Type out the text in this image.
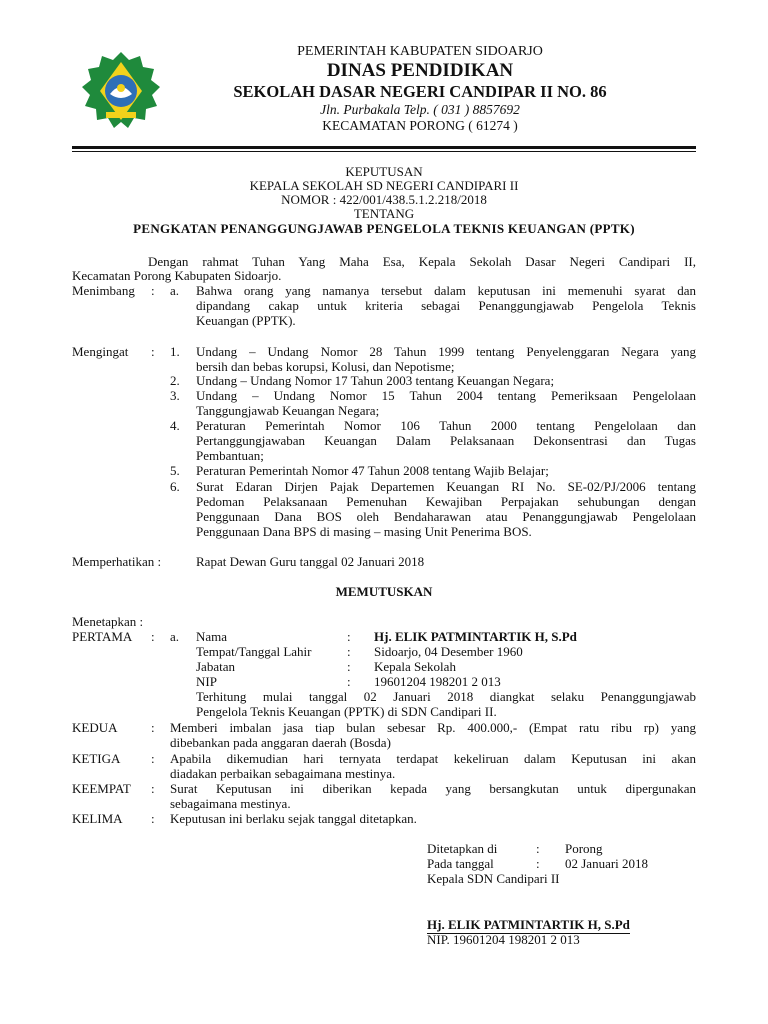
PEMERINTAH KABUPATEN SIDOARJO
DINAS PENDIDIKAN
SEKOLAH DASAR NEGERI CANDIPAR II NO. 86
Jln. Purbakala Telp. ( 031 ) 8857692
KECAMATAN PORONG ( 61274 )
KEPUTUSAN
KEPALA SEKOLAH SD NEGERI CANDIPARI II
NOMOR : 422/001/438.5.1.2.218/2018
TENTANG
PENGKATAN PENANGGUNGJAWAB PENGELOLA TEKNIS KEUANGAN (PPTK)
Dengan rahmat Tuhan Yang Maha Esa, Kepala Sekolah Dasar Negeri Candipari II,
Kecamatan Porong Kabupaten Sidoarjo.
Menimbang : a. Bahwa orang yang namanya tersebut dalam keputusan ini memenuhi syarat dan
dipandang cakap untuk kriteria sebagai Penanggungjawab Pengelola Teknis
Keuangan (PPTK).
Mengingat : 1. Undang – Undang Nomor 28 Tahun 1999 tentang Penyelenggaran Negara yang
bersih dan bebas korupsi, Kolusi, dan Nepotisme;
2. Undang – Undang Nomor 17 Tahun 2003 tentang Keuangan Negara;
3. Undang – Undang Nomor 15 Tahun 2004 tentang Pemeriksaan Pengelolaan
Tanggungjawab Keuangan Negara;
4. Peraturan Pemerintah Nomor 106 Tahun 2000 tentang Pengelolaan dan
Pertanggungjawaban Keuangan Dalam Pelaksanaan Dekonsentrasi dan Tugas
Pembantuan;
5. Peraturan Pemerintah Nomor 47 Tahun 2008 tentang Wajib Belajar;
6. Surat Edaran Dirjen Pajak Departemen Keuangan RI No. SE-02/PJ/2006 tentang
Pedoman Pelaksanaan Pemenuhan Kewajiban Perpajakan sehubungan dengan
Penggunaan Dana BOS oleh Bendaharawan atau Penanggungjawab Pengelolaan
Penggunaan Dana BPS di masing – masing Unit Penerima BOS.
Memperhatikan :	Rapat Dewan Guru tanggal 02 Januari 2018
MEMUTUSKAN
Menetapkan :
PERTAMA : a. Nama	: Hj. ELIK PATMINTARTIK H, S.Pd
Tempat/Tanggal Lahir	: Sidoarjo, 04 Desember 1960
Jabatan	: Kepala Sekolah
NIP	: 19601204 198201 2 013
Terhitung mulai tanggal 02 Januari 2018 diangkat selaku Penanggungjawab
Pengelola Teknis Keuangan (PPTK) di SDN Candipari II.
KEDUA	: Memberi imbalan jasa tiap bulan sebesar Rp. 400.000,- (Empat ratu ribu rp) yang
dibebankan pada anggaran daerah (Bosda)
KETIGA : Apabila dikemudian hari ternyata terdapat kekeliruan dalam Keputusan ini akan
diadakan perbaikan sebagaimana mestinya.
KEEMPAT : Surat Keputusan ini diberikan kepada yang bersangkutan untuk dipergunakan
sebagaimana mestinya.
KELIMA : Keputusan ini berlaku sejak tanggal ditetapkan.
Ditetapkan di	: Porong
Pada tanggal	: 02 Januari 2018
Kepala SDN Candipari II
Hj. ELIK PATMINTARTIK H, S.Pd
NIP. 19601204 198201 2 013
